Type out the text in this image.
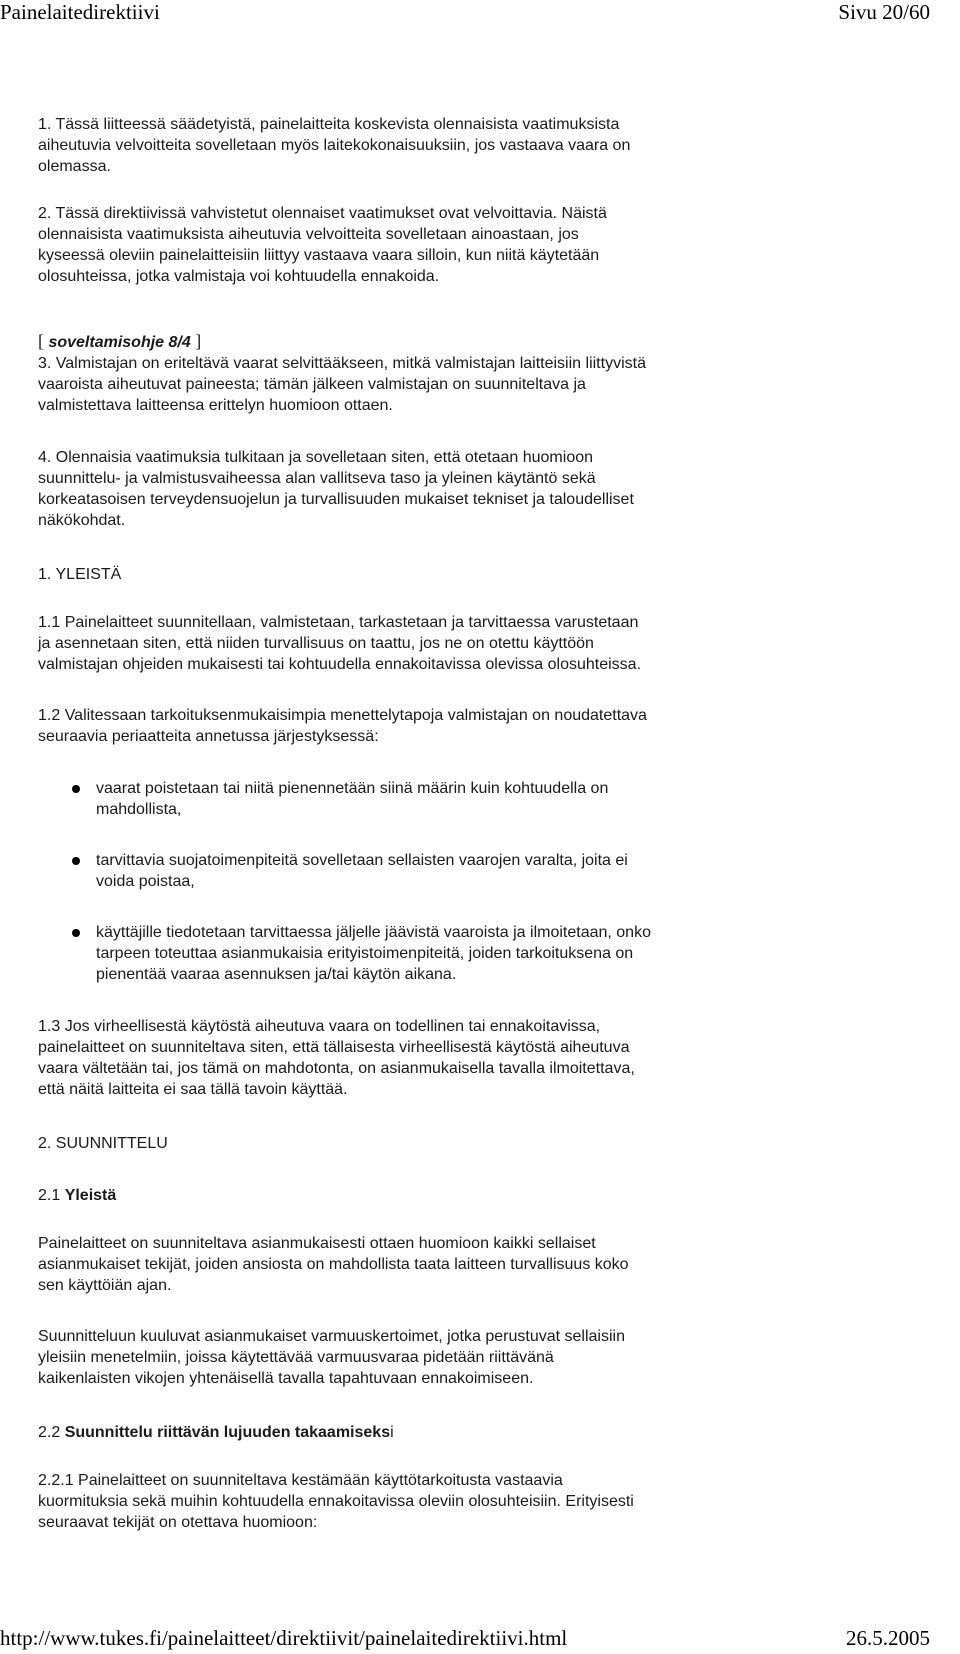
Painelaitedirektiivi	Sivu 20/60
1. Tässä liitteessä säädetyistä, painelaitteita koskevista olennaisista vaatimuksista
aiheutuvia velvoitteita sovelletaan myös laitekokonaisuuksiin, jos vastaava vaara on
olemassa.
2. Tässä direktiivissä vahvistetut olennaiset vaatimukset ovat velvoittavia. Näistä
olennaisista vaatimuksista aiheutuvia velvoitteita sovelletaan ainoastaan, jos
kyseessä oleviin painelaitteisiin liittyy vastaava vaara silloin, kun niitä käytetään
olosuhteissa, jotka valmistaja voi kohtuudella ennakoida.
[ soveltamisohje 8/4 ]
3. Valmistajan on eriteltävä vaarat selvittääkseen, mitkä valmistajan laitteisiin liittyvistä
vaaroista aiheutuvat paineesta; tämän jälkeen valmistajan on suunniteltava ja
valmistettava laitteensa erittelyn huomioon ottaen.
4. Olennaisia vaatimuksia tulkitaan ja sovelletaan siten, että otetaan huomioon
suunnittelu- ja valmistusvaiheessa alan vallitseva taso ja yleinen käytäntö sekä
korkeatasoisen terveydensuojelun ja turvallisuuden mukaiset tekniset ja taloudelliset
näkökohdat.
1. YLEISTÄ
1.1 Painelaitteet suunnitellaan, valmistetaan, tarkastetaan ja tarvittaessa varustetaan
ja asennetaan siten, että niiden turvallisuus on taattu, jos ne on otettu käyttöön
valmistajan ohjeiden mukaisesti tai kohtuudella ennakoitavissa olevissa olosuhteissa.
1.2 Valitessaan tarkoituksenmukaisimpia menettelytapoja valmistajan on noudatettava
seuraavia periaatteita annetussa järjestyksessä:
vaarat poistetaan tai niitä pienennetään siinä määrin kuin kohtuudella on
mahdollista,
tarvittavia suojatoimenpiteitä sovelletaan sellaisten vaarojen varalta, joita ei
voida poistaa,
käyttäjille tiedotetaan tarvittaessa jäljelle jäävistä vaaroista ja ilmoitetaan, onko
tarpeen toteuttaa asianmukaisia erityistoimenpiteitä, joiden tarkoituksena on
pienentää vaaraa asennuksen ja/tai käytön aikana.
1.3 Jos virheellisestä käytöstä aiheutuva vaara on todellinen tai ennakoitavissa,
painelaitteet on suunniteltava siten, että tällaisesta virheellisestä käytöstä aiheutuva
vaara vältetään tai, jos tämä on mahdotonta, on asianmukaisella tavalla ilmoitettava,
että näitä laitteita ei saa tällä tavoin käyttää.
2. SUUNNITTELU
2.1 Yleistä
Painelaitteet on suunniteltava asianmukaisesti ottaen huomioon kaikki sellaiset
asianmukaiset tekijät, joiden ansiosta on mahdollista taata laitteen turvallisuus koko
sen käyttöiän ajan.
Suunnitteluun kuuluvat asianmukaiset varmuuskertoimet, jotka perustuvat sellaisiin
yleisiin menetelmiin, joissa käytettävää varmuusvaraa pidetään riittävänä
kaikenlaisten vikojen yhtenäisellä tavalla tapahtuvaan ennakoimiseen.
2.2 Suunnittelu riittävän lujuuden takaamiseksi
2.2.1 Painelaitteet on suunniteltava kestämään käyttötarkoitusta vastaavia
kuormituksia sekä muihin kohtuudella ennakoitavissa oleviin olosuhteisiin. Erityisesti
seuraavat tekijät on otettava huomioon:
http://www.tukes.fi/painelaitteet/direktiivit/painelaitedirektiivi.html	26.5.2005
